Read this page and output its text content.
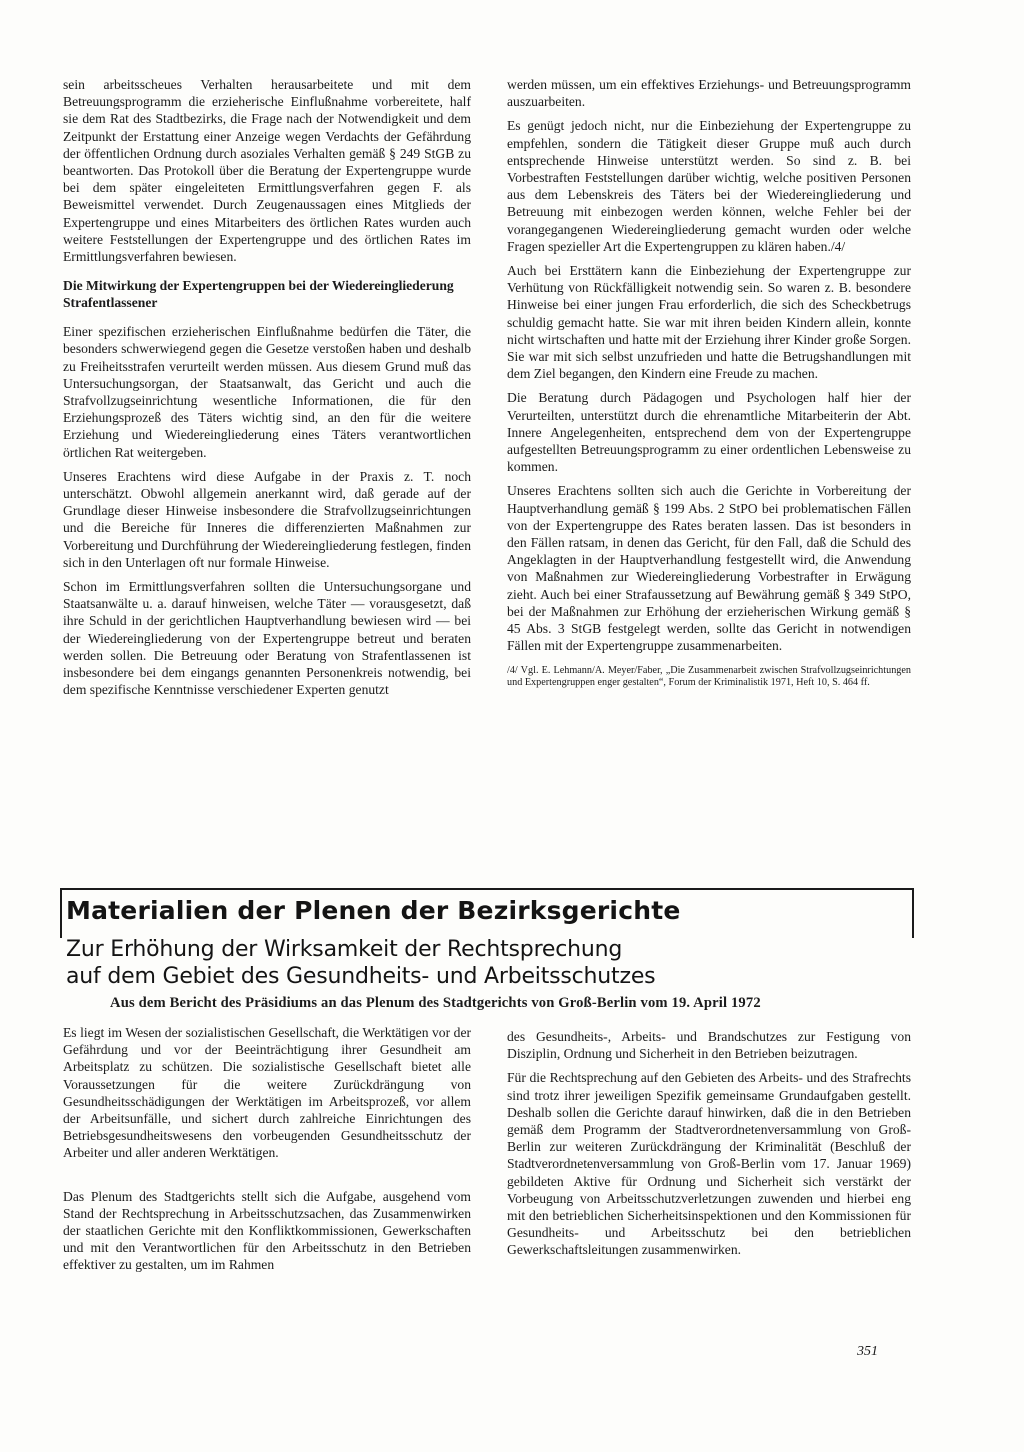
sein arbeitsscheues Verhalten herausarbeitete und mit dem Betreuungsprogramm die erzieherische Einflußnahme vorbereitete, half sie dem Rat des Stadtbezirks, die Frage nach der Notwendigkeit und dem Zeitpunkt der Erstattung einer Anzeige wegen Verdachts der Gefährdung der öffentlichen Ordnung durch asoziales Verhalten gemäß § 249 StGB zu beantworten. Das Protokoll über die Beratung der Expertengruppe wurde bei dem später eingeleiteten Ermittlungsverfahren gegen F. als Beweismittel verwendet. Durch Zeugenaussagen eines Mitglieds der Expertengruppe und eines Mitarbeiters des örtlichen Rates wurden auch weitere Feststellungen der Expertengruppe und des örtlichen Rates im Ermittlungsverfahren bewiesen.

Die Mitwirkung der Expertengruppen bei der Wiedereingliederung Strafentlassener

Einer spezifischen erzieherischen Einflußnahme bedürfen die Täter, die besonders schwerwiegend gegen die Gesetze verstoßen haben und deshalb zu Freiheitsstrafen verurteilt werden müssen. Aus diesem Grund muß das Untersuchungsorgan, der Staatsanwalt, das Gericht und auch die Strafvollzugseinrichtung wesentliche Informationen, die für den Erziehungsprozeß des Täters wichtig sind, an den für die weitere Erziehung und Wiedereingliederung eines Täters verantwortlichen örtlichen Rat weitergeben.

Unseres Erachtens wird diese Aufgabe in der Praxis z. T. noch unterschätzt. Obwohl allgemein anerkannt wird, daß gerade auf der Grundlage dieser Hinweise insbesondere die Strafvollzugseinrichtungen und die Bereiche für Inneres die differenzierten Maßnahmen zur Vorbereitung und Durchführung der Wiedereingliederung festlegen, finden sich in den Unterlagen oft nur formale Hinweise.

Schon im Ermittlungsverfahren sollten die Untersuchungsorgane und Staatsanwälte u. a. darauf hinweisen, welche Täter — vorausgesetzt, daß ihre Schuld in der gerichtlichen Hauptverhandlung bewiesen wird — bei der Wiedereingliederung von der Expertengruppe betreut und beraten werden sollen. Die Betreuung oder Beratung von Strafentlassenen ist insbesondere bei dem eingangs genannten Personenkreis notwendig, bei dem spezifische Kenntnisse verschiedener Experten genutzt

werden müssen, um ein effektives Erziehungs- und Betreuungsprogramm auszuarbeiten.

Es genügt jedoch nicht, nur die Einbeziehung der Expertengruppe zu empfehlen, sondern die Tätigkeit dieser Gruppe muß auch durch entsprechende Hinweise unterstützt werden. So sind z. B. bei Vorbestraften Feststellungen darüber wichtig, welche positiven Personen aus dem Lebenskreis des Täters bei der Wiedereingliederung und Betreuung mit einbezogen werden können, welche Fehler bei der vorangegangenen Wiedereingliederung gemacht wurden oder welche Fragen spezieller Art die Expertengruppen zu klären haben./4/

Auch bei Ersttätern kann die Einbeziehung der Expertengruppe zur Verhütung von Rückfälligkeit notwendig sein. So waren z. B. besondere Hinweise bei einer jungen Frau erforderlich, die sich des Scheckbetrugs schuldig gemacht hatte. Sie war mit ihren beiden Kindern allein, konnte nicht wirtschaften und hatte mit der Erziehung ihrer Kinder große Sorgen. Sie war mit sich selbst unzufrieden und hatte die Betrugshandlungen mit dem Ziel begangen, den Kindern eine Freude zu machen.

Die Beratung durch Pädagogen und Psychologen half hier der Verurteilten, unterstützt durch die ehrenamtliche Mitarbeiterin der Abt. Innere Angelegenheiten, entsprechend dem von der Expertengruppe aufgestellten Betreuungsprogramm zu einer ordentlichen Lebensweise zu kommen.

Unseres Erachtens sollten sich auch die Gerichte in Vorbereitung der Hauptverhandlung gemäß § 199 Abs. 2 StPO bei problematischen Fällen von der Expertengruppe des Rates beraten lassen. Das ist besonders in den Fällen ratsam, in denen das Gericht, für den Fall, daß die Schuld des Angeklagten in der Hauptverhandlung festgestellt wird, die Anwendung von Maßnahmen zur Wiedereingliederung Vorbestrafter in Erwägung zieht. Auch bei einer Strafaussetzung auf Bewährung gemäß § 349 StPO, bei der Maßnahmen zur Erhöhung der erzieherischen Wirkung gemäß § 45 Abs. 3 StGB festgelegt werden, sollte das Gericht in notwendigen Fällen mit der Expertengruppe zusammenarbeiten.

/4/ Vgl. E. Lehmann/A. Meyer/Faber, „Die Zusammenarbeit zwischen Strafvollzugseinrichtungen und Expertengruppen enger gestalten“, Forum der Kriminalistik 1971, Heft 10, S. 464 ff.
Materialien der Plenen der Bezirksgerichte
Zur Erhöhung der Wirksamkeit der Rechtsprechung
auf dem Gebiet des Gesundheits- und Arbeitsschutzes
Aus dem Bericht des Präsidiums an das Plenum des Stadtgerichts von Groß-Berlin vom 19. April 1972

Es liegt im Wesen der sozialistischen Gesellschaft, die Werktätigen vor der Gefährdung und vor der Beeinträchtigung ihrer Gesundheit am Arbeitsplatz zu schützen. Die sozialistische Gesellschaft bietet alle Voraussetzungen für die weitere Zurückdrängung von Gesundheitsschädigungen der Werktätigen im Arbeitsprozeß, vor allem der Arbeitsunfälle, und sichert durch zahlreiche Einrichtungen des Betriebsgesundheitswesens den vorbeugenden Gesundheitsschutz der Arbeiter und aller anderen Werktätigen.

Das Plenum des Stadtgerichts stellt sich die Aufgabe, ausgehend vom Stand der Rechtsprechung in Arbeitsschutzsachen, das Zusammenwirken der staatlichen Gerichte mit den Konfliktkommissionen, Gewerkschaften und mit den Verantwortlichen für den Arbeitsschutz in den Betrieben effektiver zu gestalten, um im Rahmen

des Gesundheits-, Arbeits- und Brandschutzes zur Festigung von Disziplin, Ordnung und Sicherheit in den Betrieben beizutragen.

Für die Rechtsprechung auf den Gebieten des Arbeits- und des Strafrechts sind trotz ihrer jeweiligen Spezifik gemeinsame Grundaufgaben gestellt. Deshalb sollen die Gerichte darauf hinwirken, daß die in den Betrieben gemäß dem Programm der Stadtverordnetenversammlung von Groß-Berlin zur weiteren Zurückdrängung der Kriminalität (Beschluß der Stadtverordnetenversammlung von Groß-Berlin vom 17. Januar 1969) gebildeten Aktive für Ordnung und Sicherheit sich verstärkt der Vorbeugung von Arbeitsschutzverletzungen zuwenden und hierbei eng mit den betrieblichen Sicherheitsinspektionen und den Kommissionen für Gesundheits- und Arbeitsschutz bei den betrieblichen Gewerkschaftsleitungen zusammenwirken.

351
